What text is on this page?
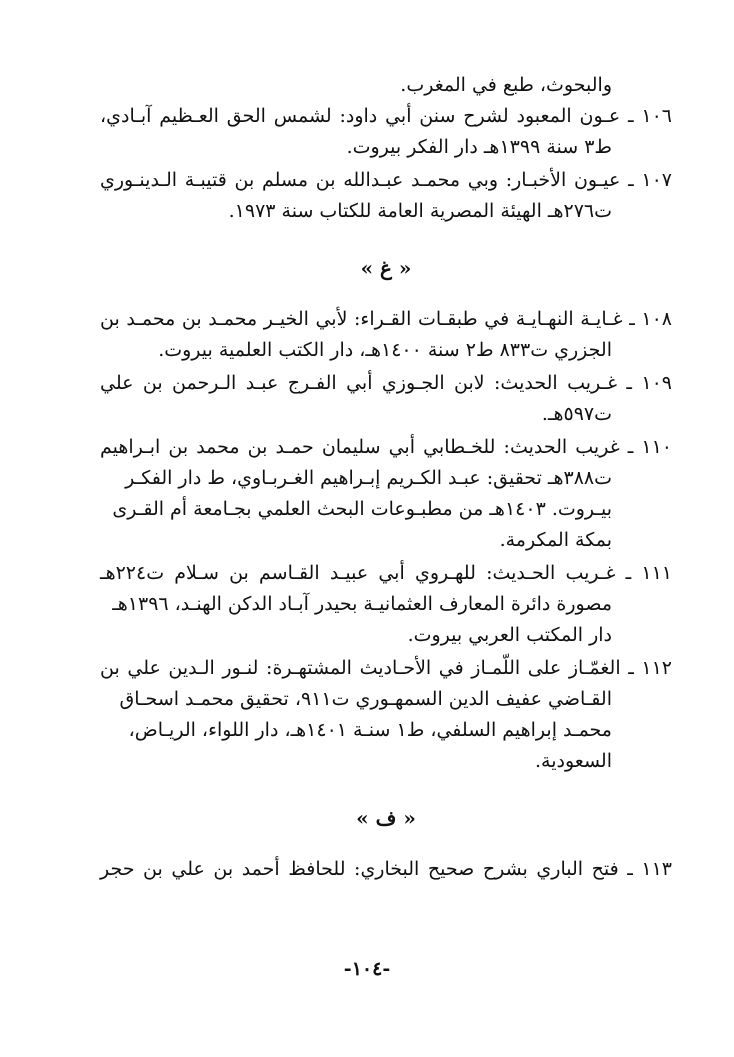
والبحوث، طبع في المغرب.
١٠٦ ـ عـون المعبود لشرح سنن أبي داود: لشمس الحق العـظيم آبـادي،
ط٣ سنة ١٣٩٩هـ دار الفكر بيروت.
١٠٧ ـ عيـون الأخبـار: وبي محمـد عبـدالله بن مسلم بن قتيبـة الـدينـوري
ت٢٧٦هـ الهيئة المصرية العامة للكتاب سنة ١٩٧٣.
« غ »
١٠٨ ـ غـايـة النهـايـة في طبقـات القـراء: لأبي الخيـر محمـد بن محمـد بن
الجزري ت٨٣٣ ط٢ سنة ١٤٠٠هـ، دار الكتب العلمية بيروت.
١٠٩ ـ غـريب الحديث: لابن الجـوزي أبي الفـرج عبـد الـرحمن بن علي
ت٥٩٧هـ.
١١٠ ـ غريب الحديث: للخـطابي أبي سليمان حمـد بن محمد بن ابـراهيم
ت٣٨٨هـ تحقيق: عبـد الكـريم إبـراهيم الغـربـاوي، ط دار الفكـر
بيـروت. ١٤٠٣هـ من مطبـوعات البحث العلمي بجـامعة أم القـرى
بمكة المكرمة.
١١١ ـ غـريب الحـديث: للهـروي أبي عبيـد القـاسم بن سـلام ت٢٢٤هـ
مصورة دائرة المعارف العثمانيـة بحيدر آبـاد الدكن الهنـد، ١٣٩٦هـ
دار المكتب العربي بيروت.
١١٢ ـ الغمّـاز على اللّمـاز في الأحـاديث المشتهـرة: لنـور الـدين علي بن
القـاضي عفيف الدين السمهـوري ت٩١١، تحقيق محمـد اسحـاق
محمـد إبراهيم السلفي، ط١ سنـة ١٤٠١هـ، دار اللواء، الريـاض،
السعودية.
« ف »
١١٣ ـ فتح الباري بشرح صحيح البخاري: للحافظ أحمد بن علي بن حجر
-١٠٤-
